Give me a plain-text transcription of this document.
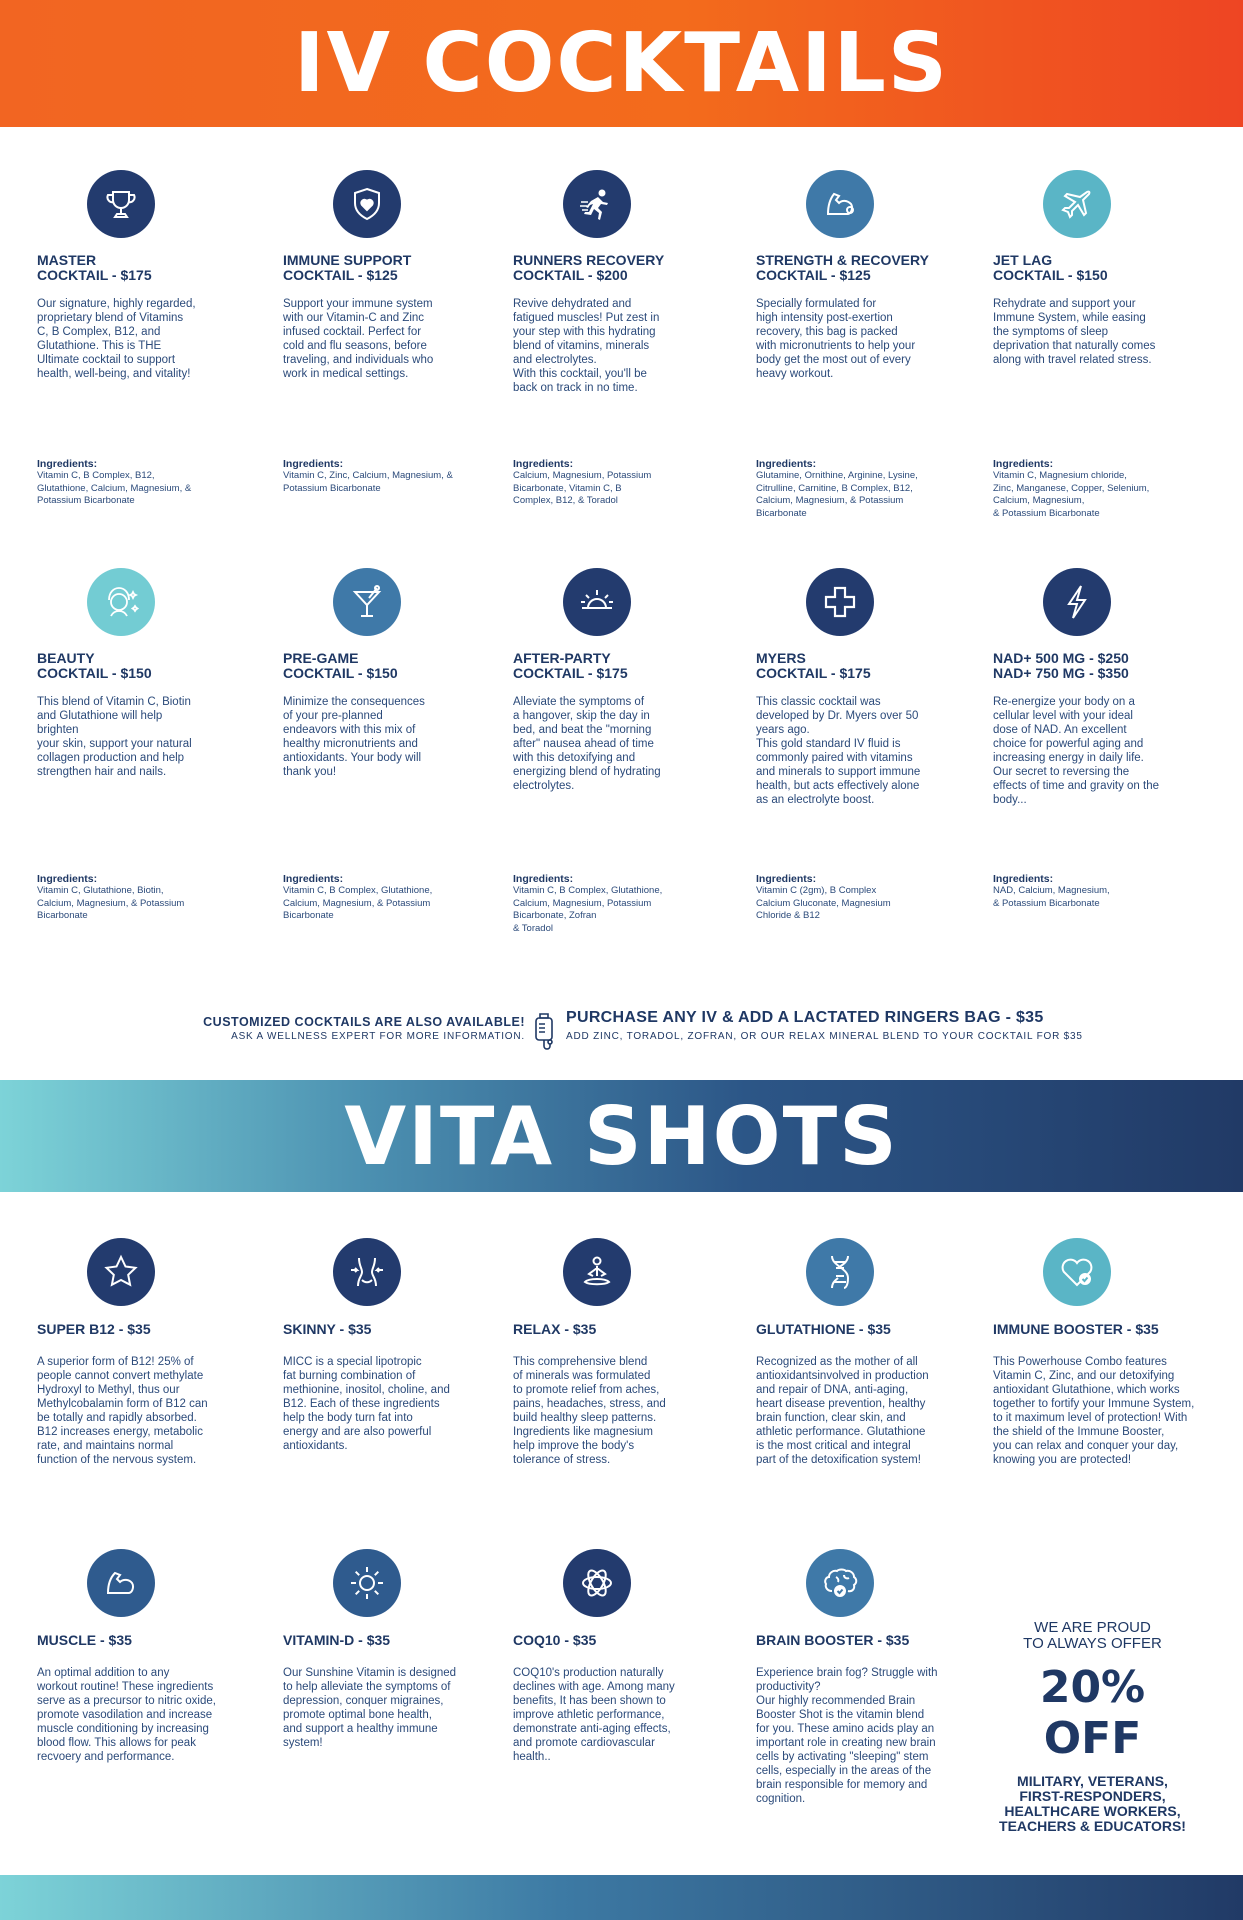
IV COCKTAILS
MASTER
COCKTAIL - $175
Our signature, highly regarded,
proprietary blend of Vitamins
C, B Complex, B12, and
Glutathione. This is THE
Ultimate cocktail to support
health, well-being, and vitality!
IMMUNE SUPPORT
COCKTAIL - $125
Support your immune system
with our Vitamin-C and Zinc
infused cocktail. Perfect for
cold and flu seasons, before
traveling, and individuals who
work in medical settings.
RUNNERS RECOVERY
COCKTAIL - $200
Revive dehydrated and
fatigued muscles! Put zest in
your step with this hydrating
blend of vitamins, minerals
and electrolytes.
With this cocktail, you'll be
back on track in no time.
STRENGTH & RECOVERY
COCKTAIL - $125
Specially formulated for
high intensity post-exertion
recovery, this bag is packed
with micronutrients to help your
body get the most out of every
heavy workout.
JET LAG
COCKTAIL - $150
Rehydrate and support your
Immune System, while easing
the symptoms of sleep
deprivation that naturally comes
along with travel related stress.
Ingredients:
Vitamin C, B Complex, B12,
Glutathione, Calcium, Magnesium, &
Potassium Bicarbonate
Ingredients:
Vitamin C, Zinc, Calcium, Magnesium, &
Potassium Bicarbonate
Ingredients:
Calcium, Magnesium, Potassium
Bicarbonate, Vitamin C, B
Complex, B12, & Toradol
Ingredients:
Glutamine, Ornithine, Arginine, Lysine,
Citrulline, Carnitine, B Complex, B12,
Calcium, Magnesium, & Potassium
Bicarbonate
Ingredients:
Vitamin C, Magnesium chloride,
Zinc, Manganese, Copper, Selenium,
Calcium, Magnesium,
& Potassium Bicarbonate
BEAUTY
COCKTAIL - $150
This blend of Vitamin C, Biotin
and Glutathione will help
brighten
your skin, support your natural
collagen production and help
strengthen hair and nails.
PRE-GAME
COCKTAIL - $150
Minimize the consequences
of your pre-planned
endeavors with this mix of
healthy micronutrients and
antioxidants. Your body will
thank you!
AFTER-PARTY
COCKTAIL - $175
Alleviate the symptoms of
a hangover, skip the day in
bed, and beat the "morning
after" nausea ahead of time
with this detoxifying and
energizing blend of hydrating
electrolytes.
MYERS
COCKTAIL - $175
This classic cocktail was
developed by Dr. Myers over 50
years ago.
This gold standard IV fluid is
commonly paired with vitamins
and minerals to support immune
health, but acts effectively alone
as an electrolyte boost.
NAD+ 500 MG - $250
NAD+ 750 MG - $350
Re-energize your body on a
cellular level with your ideal
dose of NAD. An excellent
choice for powerful aging and
increasing energy in daily life.
Our secret to reversing the
effects of time and gravity on the
body...
Ingredients:
Vitamin C, Glutathione, Biotin,
Calcium, Magnesium, & Potassium
Bicarbonate
Ingredients:
Vitamin C, B Complex, Glutathione,
Calcium, Magnesium, & Potassium
Bicarbonate
Ingredients:
Vitamin C, B Complex, Glutathione,
Calcium, Magnesium, Potassium
Bicarbonate, Zofran
& Toradol
Ingredients:
Vitamin C (2gm), B Complex
Calcium Gluconate, Magnesium
Chloride & B12
Ingredients:
NAD, Calcium, Magnesium,
& Potassium Bicarbonate
CUSTOMIZED COCKTAILS ARE ALSO AVAILABLE!
ASK A WELLNESS EXPERT FOR MORE INFORMATION.
PURCHASE ANY IV & ADD A LACTATED RINGERS BAG - $35
ADD ZINC, TORADOL, ZOFRAN, OR OUR RELAX MINERAL BLEND TO YOUR COCKTAIL FOR $35
VITA SHOTS
SUPER B12 - $35
A superior form of B12! 25% of
people cannot convert methylate
Hydroxyl to Methyl, thus our
Methylcobalamin form of B12 can
be totally and rapidly absorbed.
B12 increases energy, metabolic
rate, and maintains normal
function of the nervous system.
SKINNY - $35
MICC is a special lipotropic
fat burning combination of
methionine, inositol, choline, and
B12. Each of these ingredients
help the body turn fat into
energy and are also powerful
antioxidants.
RELAX - $35
This comprehensive blend
of minerals was formulated
to promote relief from aches,
pains, headaches, stress, and
build healthy sleep patterns.
Ingredients like magnesium
help improve the body's
tolerance of stress.
GLUTATHIONE - $35
Recognized as the mother of all
antioxidantsinvolved in production
and repair of DNA, anti-aging,
heart disease prevention, healthy
brain function, clear skin, and
athletic performance. Glutathione
is the most critical and integral
part of the detoxification system!
IMMUNE BOOSTER - $35
This Powerhouse Combo features
Vitamin C, Zinc, and our detoxifying
antioxidant Glutathione, which works
together to fortify your Immune System,
to it maximum level of protection! With
the shield of the Immune Booster,
you can relax and conquer your day,
knowing you are protected!
MUSCLE - $35
An optimal addition to any
workout routine! These ingredients
serve as a precursor to nitric oxide,
promote vasodilation and increase
muscle conditioning by increasing
blood flow. This allows for peak
recvoery and performance.
VITAMIN-D - $35
Our Sunshine Vitamin is designed
to help alleviate the symptoms of
depression, conquer migraines,
promote optimal bone health,
and support a healthy immune
system!
COQ10 - $35
COQ10's production naturally
declines with age. Among many
benefits, It has been shown to
improve athletic performance,
demonstrate anti-aging effects,
and promote cardiovascular
health..
BRAIN BOOSTER - $35
Experience brain fog? Struggle with
productivity?
Our highly recommended Brain
Booster Shot is the vitamin blend
for you. These amino acids play an
important role in creating new brain
cells by activating "sleeping" stem
cells, especially in the areas of the
brain responsible for memory and
cognition.
WE ARE PROUD
TO ALWAYS OFFER
20% OFF
MILITARY, VETERANS,
FIRST-RESPONDERS,
HEALTHCARE WORKERS,
TEACHERS & EDUCATORS!
